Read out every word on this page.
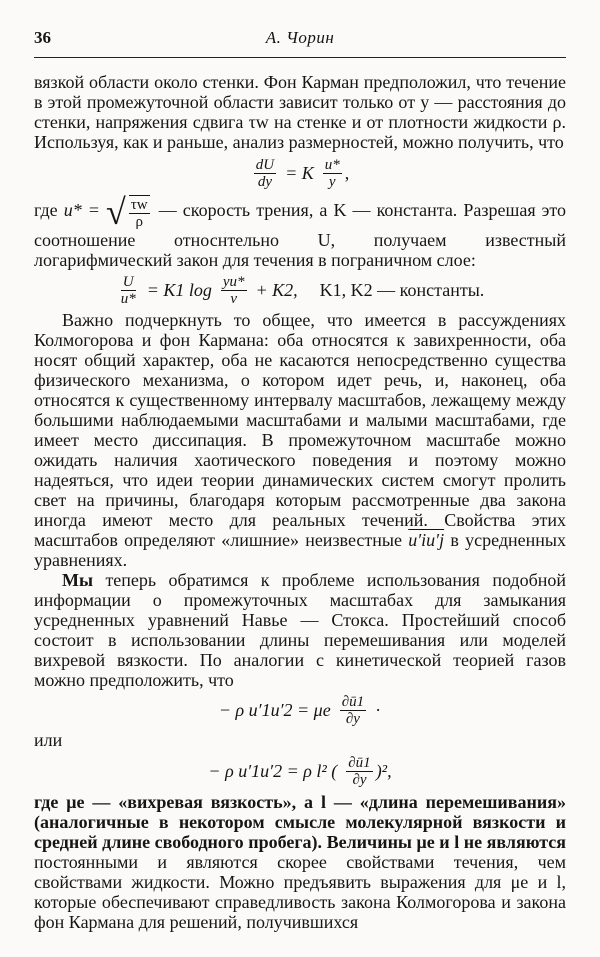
36	А. Чорин

вязкой области около стенки. Фон Карман предположил, что течение в этой промежуточной области зависит только от y — расстояния до стенки, напряжения сдвига τw на стенке и от плотности жидкости ρ. Используя, как и раньше, анализ размерностей, можно получить, что

$\frac{dU}{dy} = K \frac{u*}{y}$ ,

где u* = √ $\frac{\tau w}{\rho}$ — скорость трения, а K — константа. Разрешая это соотношение относнтельно U, получаем известный логарифмический закон для течения в пограничном слое:

$\frac{U}{u*} = K1$ $\log \frac{yu*}{\nu} + K2$, K1, K2 — константы.

Важно подчеркнуть то общее, что имеется в рассуждениях Колмогорова и фон Кармана: оба относятся к завихренности, оба носят общий характер, оба не касаются непосредственно существа физического механизма, о котором идет речь, и, наконец, оба относятся к существенному интервалу масштабов, лежащему между большими наблюдаемыми масштабами и малыми масштабами, где имеет место диссипация. В промежуточном масштабе можно ожидать наличия хаотического поведения и поэтому можно надеяться, что идеи теории динамических систем смогут пролить свет на причины, благодаря которым рассмотренные два закона иногда имеют место для реальных течений. Свойства этих масштабов определяют «лишние» неизвестные u′iu′j в усредненных уравнениях.

Мы теперь обратимся к проблеме использования подобной информации о промежуточных масштабах для замыкания усредненных уравнений Навье — Стокса. Простейший способ состоит в использовании длины перемешивания или моделей вихревой вязкости. По аналогии с кинетической теорией газов можно предположить, что

− ρ u′1u′2 = μe $\frac{\partial ū1}{\partial y}$ ·

или

− ρ u′1u′2 = ρ l² ( $\frac{\partial ū1}{\partial y} )^2$,

где μe — «вихревая вязкость», а l — «длина перемешивания» (аналогичные в некотором смысле молекулярной вязкости и средней длине свободного пробега). Величины μe и l не являются постоянными и являются скорее свойствами течения, чем свойствами жидкости. Можно предъявить выражения для μe и l, которые обеспечивают справедливость закона Колмогорова и закона фон Кармана для решений, получившихся
